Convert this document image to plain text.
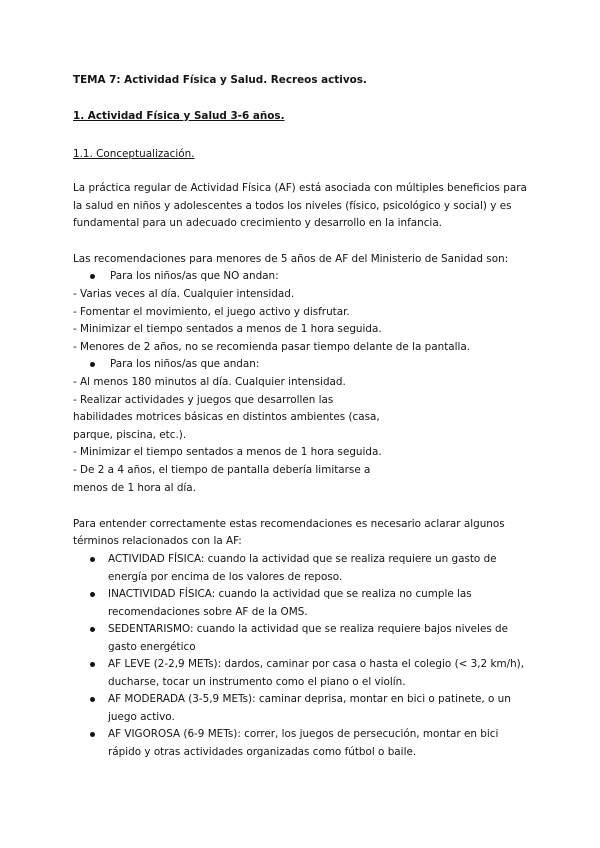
TEMA 7: Actividad Física y Salud. Recreos activos.
1. Actividad Física y Salud 3-6 años.
1.1. Conceptualización.
La práctica regular de Actividad Física (AF) está asociada con múltiples beneficios para
la salud en niños y adolescentes a todos los niveles (físico, psicológico y social) y es
fundamental para un adecuado crecimiento y desarrollo en la infancia.
Las recomendaciones para menores de 5 años de AF del Ministerio de Sanidad son:
Para los niños/as que NO andan:
- Varias veces al día. Cualquier intensidad.
- Fomentar el movimiento, el juego activo y disfrutar.
- Minimizar el tiempo sentados a menos de 1 hora seguida.
- Menores de 2 años, no se recomienda pasar tiempo delante de la pantalla.
Para los niños/as que andan:
- Al menos 180 minutos al día. Cualquier intensidad.
- Realizar actividades y juegos que desarrollen las
habilidades motrices básicas en distintos ambientes (casa,
parque, piscina, etc.).
- Minimizar el tiempo sentados a menos de 1 hora seguida.
- De 2 a 4 años, el tiempo de pantalla debería limitarse a
menos de 1 hora al día.
Para entender correctamente estas recomendaciones es necesario aclarar algunos
términos relacionados con la AF:
ACTIVIDAD FÍSICA: cuando la actividad que se realiza requiere un gasto de
energía por encima de los valores de reposo.
INACTIVIDAD FÍSICA: cuando la actividad que se realiza no cumple las
recomendaciones sobre AF de la OMS.
SEDENTARISMO: cuando la actividad que se realiza requiere bajos niveles de
gasto energético
AF LEVE (2-2,9 METs): dardos, caminar por casa o hasta el colegio (< 3,2 km/h),
ducharse, tocar un instrumento como el piano o el violín.
AF MODERADA (3-5,9 METs): caminar deprisa, montar en bici o patinete, o un
juego activo.
AF VIGOROSA (6-9 METs): correr, los juegos de persecución, montar en bici
rápido y otras actividades organizadas como fútbol o baile.
